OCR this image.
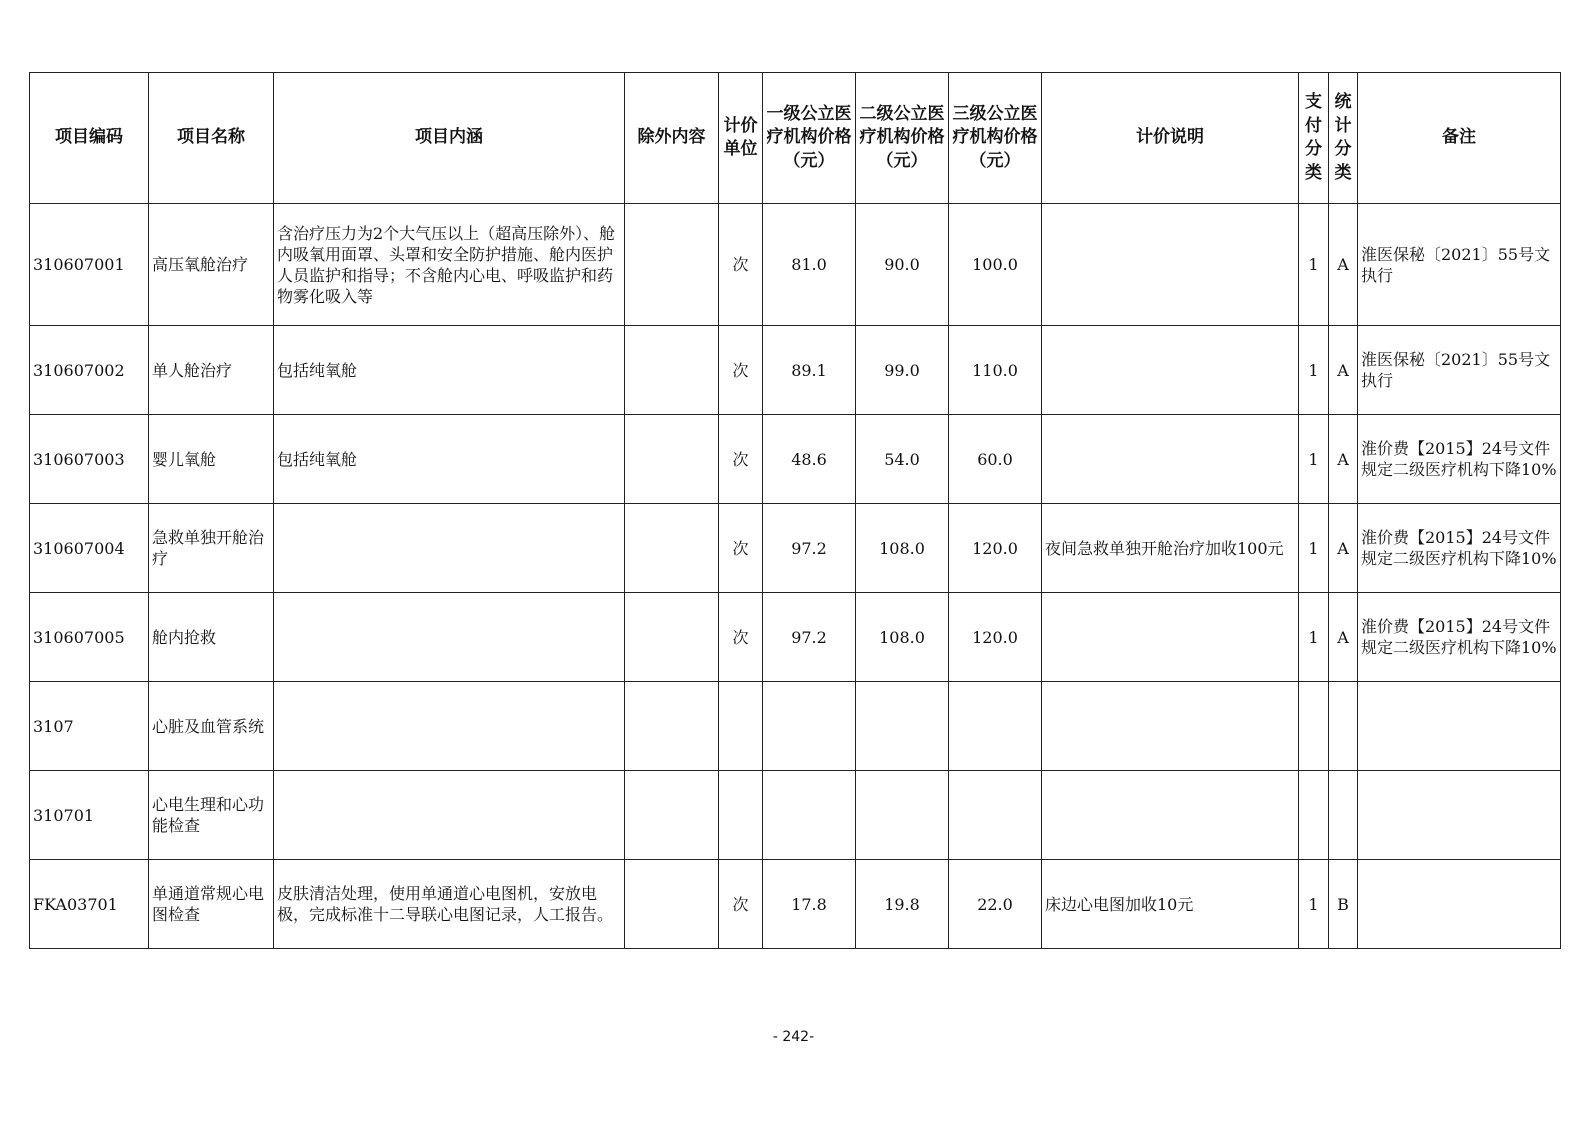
项目编码	项目名称	项目内涵	除外内容	计价单位	一级公立医疗机构价格（元）	二级公立医疗机构价格（元）	三级公立医疗机构价格（元）	计价说明	支付分类	统计分类	备注
310607001	高压氧舱治疗	含治疗压力为2个大气压以上（超高压除外）、舱内吸氧用面罩、头罩和安全防护措施、舱内医护人员监护和指导；不含舱内心电、呼吸监护和药物雾化吸入等		次	81.0	90.0	100.0		1	A	淮医保秘〔2021〕55号文执行
310607002	单人舱治疗	包括纯氧舱		次	89.1	99.0	110.0		1	A	淮医保秘〔2021〕55号文执行
310607003	婴儿氧舱	包括纯氧舱		次	48.6	54.0	60.0		1	A	淮价费【2015】24号文件规定二级医疗机构下降10%
310607004	急救单独开舱治疗			次	97.2	108.0	120.0	夜间急救单独开舱治疗加收100元	1	A	淮价费【2015】24号文件规定二级医疗机构下降10%
310607005	舱内抢救			次	97.2	108.0	120.0		1	A	淮价费【2015】24号文件规定二级医疗机构下降10%
3107	心脏及血管系统										
310701	心电生理和心功能检查										
FKA03701	单通道常规心电图检查	皮肤清洁处理，使用单通道心电图机，安放电极，完成标准十二导联心电图记录，人工报告。		次	17.8	19.8	22.0	床边心电图加收10元	1	B	
- 242-
